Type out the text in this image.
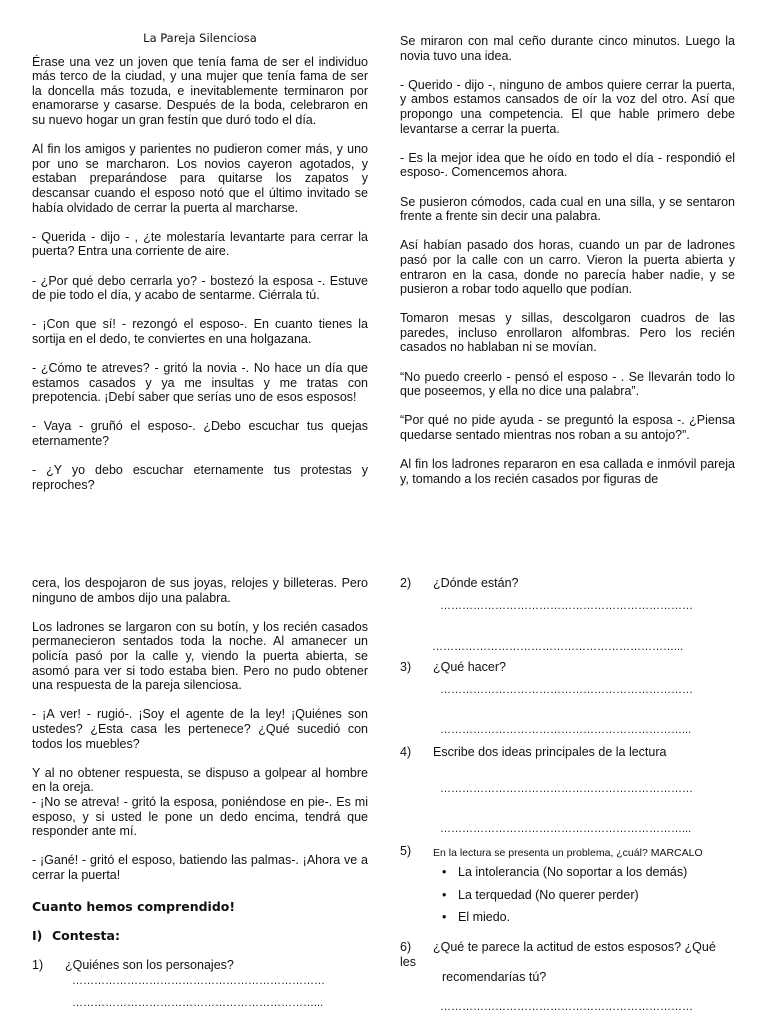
La Pareja Silenciosa

Érase una vez un joven que tenía fama de ser el individuo más terco de la ciudad, y una mujer que tenía fama de ser la doncella más tozuda, e inevitablemente terminaron por enamorarse y casarse. Después de la boda, celebraron en su nuevo hogar un gran festín que duró todo el día.

Al fin los amigos y parientes no pudieron comer más, y uno por uno se marcharon. Los novios cayeron agotados, y estaban preparándose para quitarse los zapatos y descansar cuando el esposo notó que el último invitado se había olvidado de cerrar la puerta al marcharse.

- Querida - dijo - , ¿te molestaría levantarte para cerrar la puerta? Entra una corriente de aire.

- ¿Por qué debo cerrarla yo? - bostezó la esposa -. Estuve de pie todo el día, y acabo de sentarme. Ciérrala tú.

- ¡Con que sí! - rezongó el esposo-. En cuanto tienes la sortija en el dedo, te conviertes en una holgazana.

- ¿Cómo te atreves? - gritó la novia -. No hace un día que estamos casados y ya me insultas y me tratas con prepotencia. ¡Debí saber que serías uno de esos esposos!

- Vaya - gruñó el esposo-. ¿Debo escuchar tus quejas eternamente?

- ¿Y yo debo escuchar eternamente tus protestas y reproches?

Se miraron con mal ceño durante cinco minutos. Luego la novia tuvo una idea.

- Querido - dijo -, ninguno de ambos quiere cerrar la puerta, y ambos estamos cansados de oír la voz del otro. Así que propongo una competencia. El que hable primero debe levantarse a cerrar la puerta.

- Es la mejor idea que he oído en todo el día - respondió el esposo-. Comencemos ahora.

Se pusieron cómodos, cada cual en una silla, y se sentaron frente a frente sin decir una palabra.

Así habían pasado dos horas, cuando un par de ladrones pasó por la calle con un carro. Vieron la puerta abierta y entraron en la casa, donde no parecía haber nadie, y se pusieron a robar todo aquello que podían.

Tomaron mesas y sillas, descolgaron cuadros de las paredes, incluso enrollaron alfombras. Pero los recién casados no hablaban ni se movían.

“No puedo creerlo - pensó el esposo - . Se llevarán todo lo que poseemos, y ella no dice una palabra”.

“Por qué no pide ayuda - se preguntó la esposa -. ¿Piensa quedarse sentado mientras nos roban a su antojo?”.

Al fin los ladrones repararon en esa callada e inmóvil pareja y, tomando a los recién casados por figuras de

cera, los despojaron de sus joyas, relojes y billeteras. Pero ninguno de ambos dijo una palabra.

Los ladrones se largaron con su botín, y los recién casados permanecieron sentados toda la noche. Al amanecer un policía pasó por la calle y, viendo la puerta abierta, se asomó para ver si todo estaba bien. Pero no pudo obtener una respuesta de la pareja silenciosa.

- ¡A ver! - rugió-. ¡Soy el agente de la ley! ¡Quiénes son ustedes? ¿Esta casa les pertenece? ¿Qué sucedió con todos los muebles?

Y al no obtener respuesta, se dispuso a golpear al hombre en la oreja.

- ¡No se atreva! - gritó la esposa, poniéndose en pie-. Es mi esposo, y si usted le pone un dedo encima, tendrá que responder ante mí.

- ¡Gané! - gritó el esposo, batiendo las palmas-. ¡Ahora ve a cerrar la puerta!

Cuanto hemos comprendido!
I) Contesta:
1) ¿Quiénes son los personajes?
……………………………………………………………
…………………………………………………………...
2) ¿Dónde están?
……………………………………………………………
…………………………………………………………...
3) ¿Qué hacer?
……………………………………………………………
…………………………………………………………...
4) Escribe dos ideas principales de la lectura
……………………………………………………………
…………………………………………………………...
5) En la lectura se presenta un problema, ¿cuál? MARCALO
• La intolerancia (No soportar a los demás)
• La terquedad (No querer perder)
• El miedo.
6) ¿Qué te parece la actitud de estos esposos? ¿Qué
les
recomendarías tú?
……………………………………………………………
